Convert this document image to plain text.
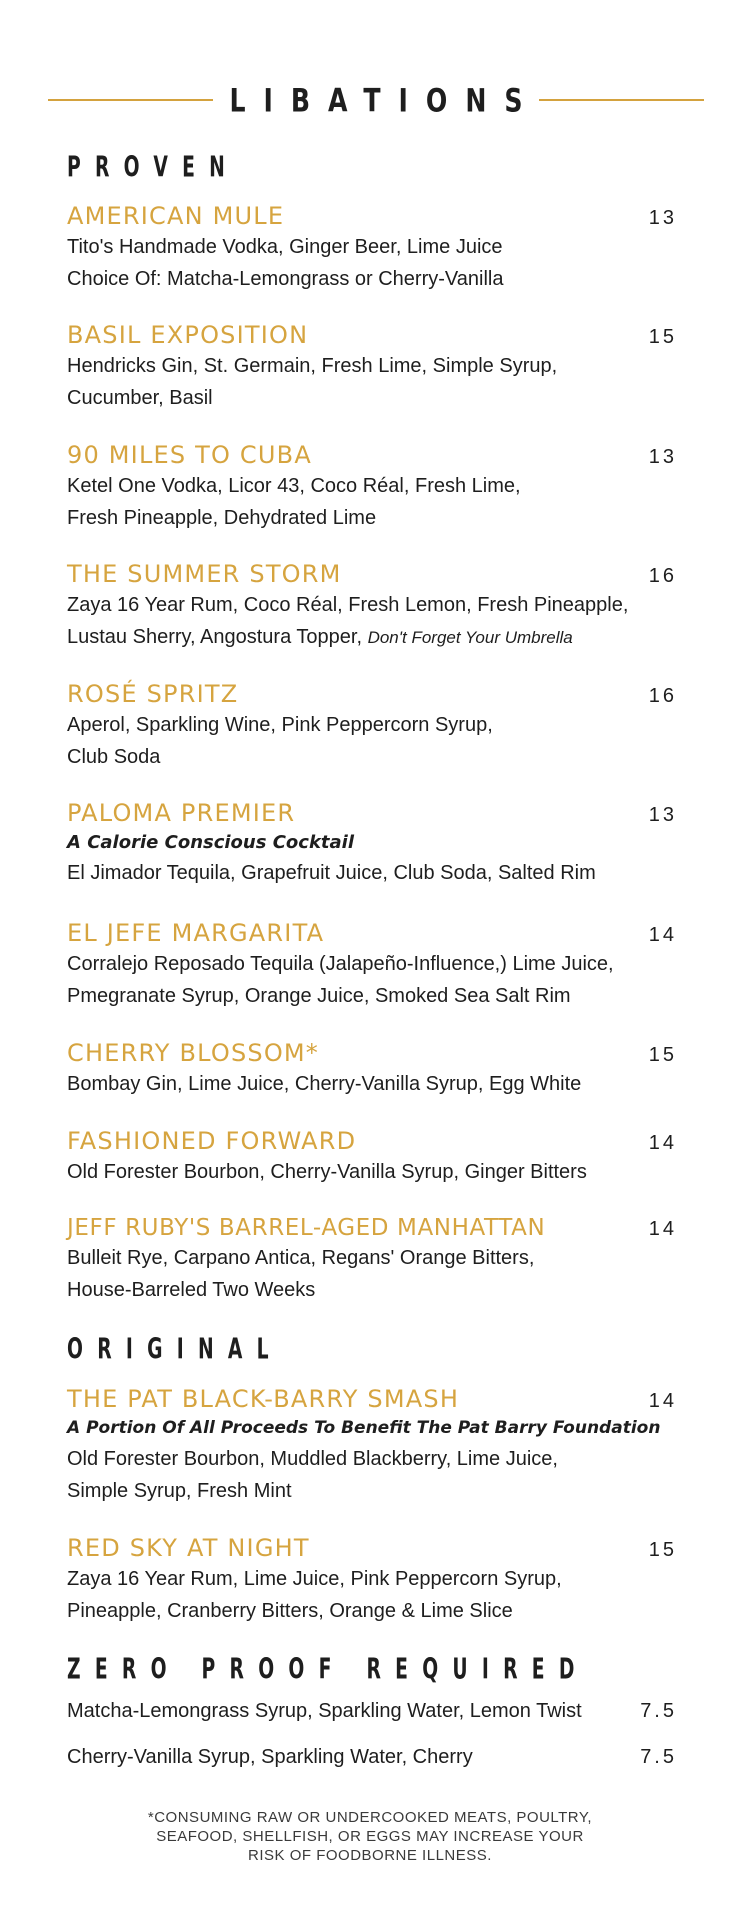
LIBATIONS
PROVEN
AMERICAN MULE	13
Tito's Handmade Vodka, Ginger Beer, Lime Juice
Choice Of: Matcha-Lemongrass or Cherry-Vanilla
BASIL EXPOSITION	15
Hendricks Gin, St. Germain, Fresh Lime, Simple Syrup,
Cucumber, Basil
90 MILES TO CUBA	13
Ketel One Vodka, Licor 43, Coco Réal, Fresh Lime,
Fresh Pineapple, Dehydrated Lime
THE SUMMER STORM	16
Zaya 16 Year Rum, Coco Réal, Fresh Lemon, Fresh Pineapple,
Lustau Sherry, Angostura Topper, Don't Forget Your Umbrella
ROSÉ SPRITZ	16
Aperol, Sparkling Wine, Pink Peppercorn Syrup,
Club Soda
PALOMA PREMIER	13
A Calorie Conscious Cocktail
El Jimador Tequila, Grapefruit Juice, Club Soda, Salted Rim
EL JEFE MARGARITA	14
Corralejo Reposado Tequila (Jalapeño-Influence,) Lime Juice,
Pmegranate Syrup, Orange Juice, Smoked Sea Salt Rim
CHERRY BLOSSOM*	15
Bombay Gin, Lime Juice, Cherry-Vanilla Syrup, Egg White
FASHIONED FORWARD	14
Old Forester Bourbon, Cherry-Vanilla Syrup, Ginger Bitters
JEFF RUBY'S BARREL-AGED MANHATTAN	14
Bulleit Rye, Carpano Antica, Regans' Orange Bitters,
House-Barreled Two Weeks
ORIGINAL
THE PAT BLACK-BARRY SMASH	14
A Portion Of All Proceeds To Benefit The Pat Barry Foundation
Old Forester Bourbon, Muddled Blackberry, Lime Juice,
Simple Syrup, Fresh Mint
RED SKY AT NIGHT	15
Zaya 16 Year Rum, Lime Juice, Pink Peppercorn Syrup,
Pineapple, Cranberry Bitters, Orange & Lime Slice
ZERO PROOF REQUIRED
Matcha-Lemongrass Syrup, Sparkling Water, Lemon Twist	7.5
Cherry-Vanilla Syrup, Sparkling Water, Cherry	7.5
*CONSUMING RAW OR UNDERCOOKED MEATS, POULTRY,
SEAFOOD, SHELLFISH, OR EGGS MAY INCREASE YOUR
RISK OF FOODBORNE ILLNESS.
